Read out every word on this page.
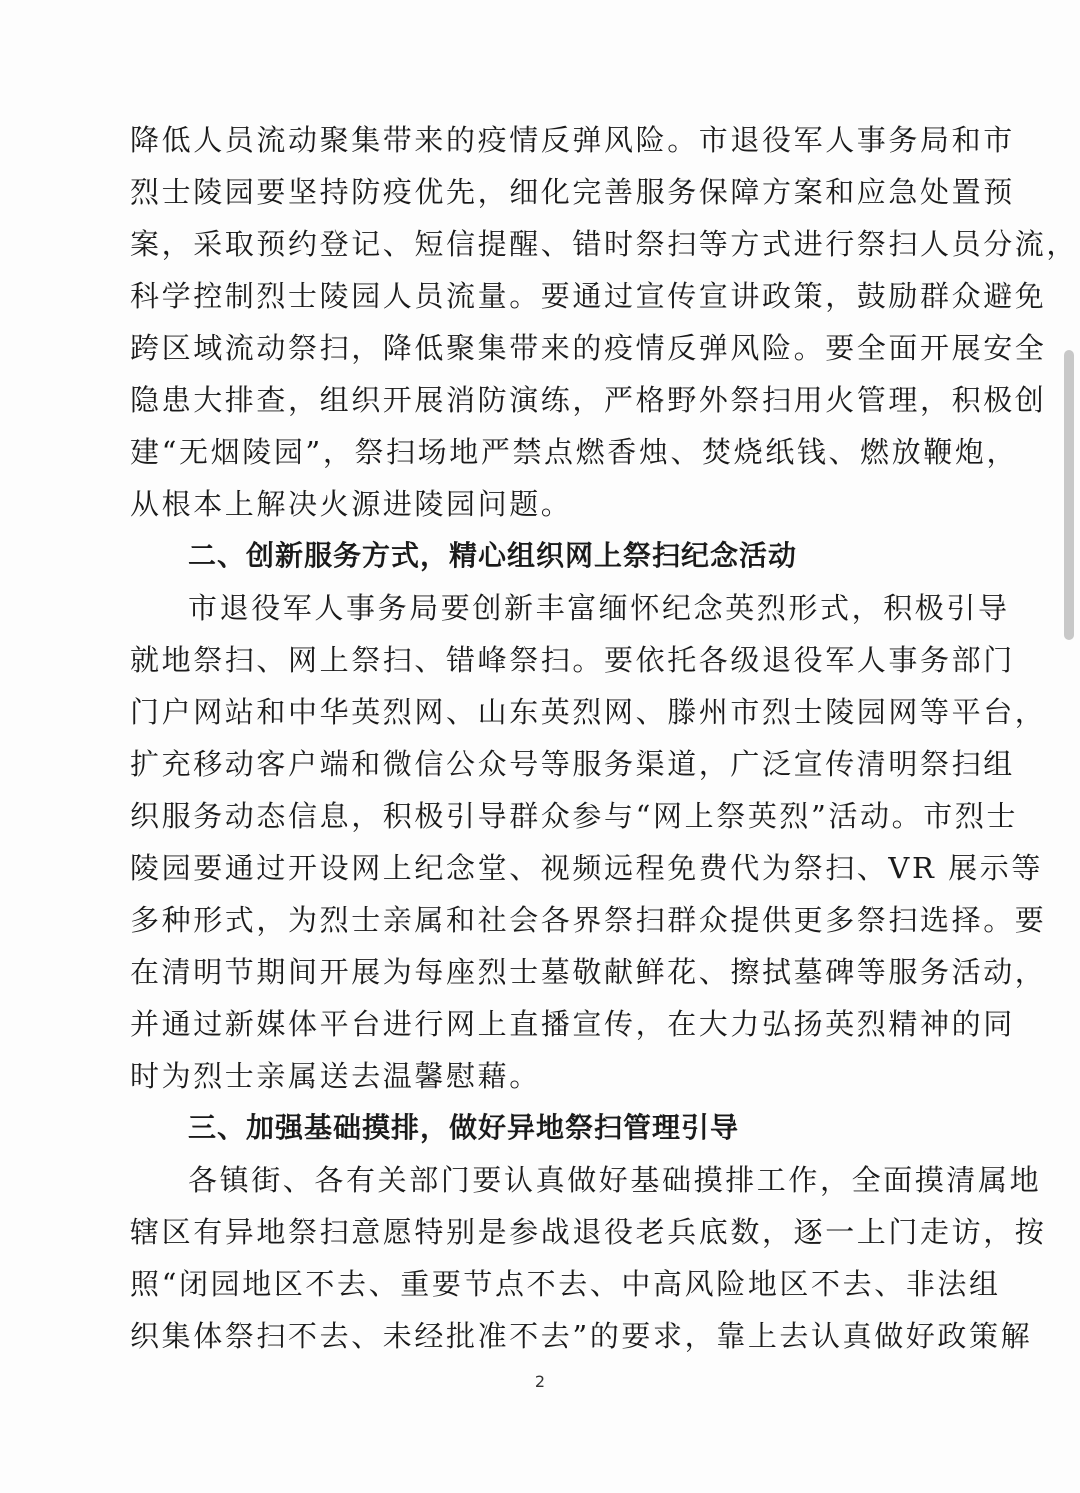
降低人员流动聚集带来的疫情反弹风险。市退役军人事务局和市
烈士陵园要坚持防疫优先，细化完善服务保障方案和应急处置预
案，采取预约登记、短信提醒、错时祭扫等方式进行祭扫人员分流，
科学控制烈士陵园人员流量。要通过宣传宣讲政策，鼓励群众避免
跨区域流动祭扫，降低聚集带来的疫情反弹风险。要全面开展安全
隐患大排查，组织开展消防演练，严格野外祭扫用火管理，积极创
建“无烟陵园”，祭扫场地严禁点燃香烛、焚烧纸钱、燃放鞭炮，
从根本上解决火源进陵园问题。
二、创新服务方式，精心组织网上祭扫纪念活动
市退役军人事务局要创新丰富缅怀纪念英烈形式，积极引导
就地祭扫、网上祭扫、错峰祭扫。要依托各级退役军人事务部门
门户网站和中华英烈网、山东英烈网、滕州市烈士陵园网等平台，
扩充移动客户端和微信公众号等服务渠道，广泛宣传清明祭扫组
织服务动态信息，积极引导群众参与“网上祭英烈”活动。市烈士
陵园要通过开设网上纪念堂、视频远程免费代为祭扫、VR 展示等
多种形式，为烈士亲属和社会各界祭扫群众提供更多祭扫选择。要
在清明节期间开展为每座烈士墓敬献鲜花、擦拭墓碑等服务活动，
并通过新媒体平台进行网上直播宣传，在大力弘扬英烈精神的同
时为烈士亲属送去温馨慰藉。
三、加强基础摸排，做好异地祭扫管理引导
各镇街、各有关部门要认真做好基础摸排工作，全面摸清属地
辖区有异地祭扫意愿特别是参战退役老兵底数，逐一上门走访，按
照“闭园地区不去、重要节点不去、中高风险地区不去、非法组
织集体祭扫不去、未经批准不去”的要求，靠上去认真做好政策解
2
